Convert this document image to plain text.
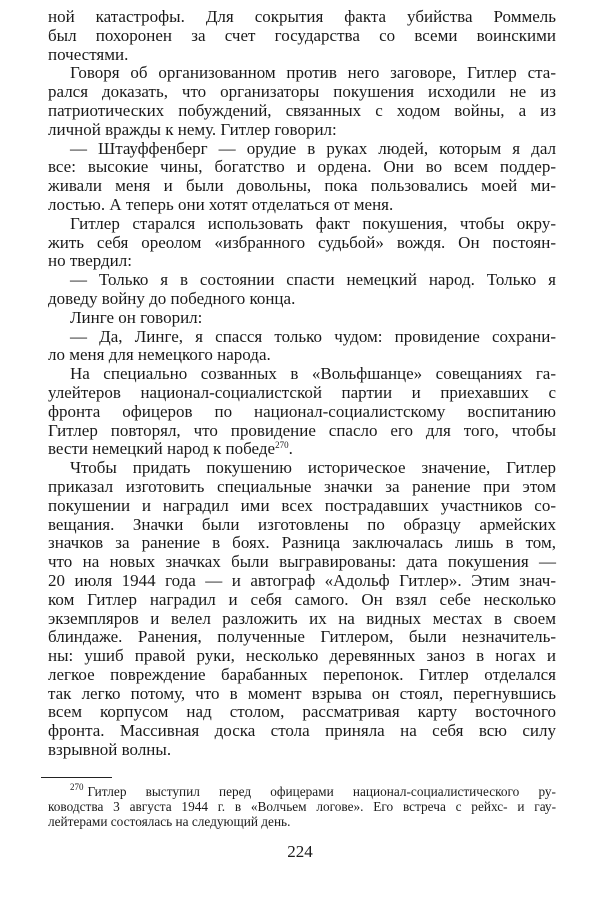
ной катастрофы. Для сокрытия факта убийства Роммель
был похоронен за счет государства со всеми воинскими
почестями.
Говоря об организованном против него заговоре, Гитлер ста-
рался доказать, что организаторы покушения исходили не из
патриотических побуждений, связанных с ходом войны, а из
личной вражды к нему. Гитлер говорил:
— Штауффенберг — орудие в руках людей, которым я дал
все: высокие чины, богатство и ордена. Они во всем поддер-
живали меня и были довольны, пока пользовались моей ми-
лостью. А теперь они хотят отделаться от меня.
Гитлер старался использовать факт покушения, чтобы окру-
жить себя ореолом «избранного судьбой» вождя. Он постоян-
но твердил:
— Только я в состоянии спасти немецкий народ. Только я
доведу войну до победного конца.
Линге он говорил:
— Да, Линге, я спасся только чудом: провидение сохрани-
ло меня для немецкого народа.
На специально созванных в «Вольфшанце» совещаниях га-
улейтеров национал-социалистской партии и приехавших с
фронта офицеров по национал-социалистскому воспитанию
Гитлер повторял, что провидение спасло его для того, чтобы
вести немецкий народ к победе$^{270}$.
Чтобы придать покушению историческое значение, Гитлер
приказал изготовить специальные значки за ранение при этом
покушении и наградил ими всех пострадавших участников со-
вещания. Значки были изготовлены по образцу армейских
значков за ранение в боях. Разница заключалась лишь в том,
что на новых значках были выгравированы: дата покушения —
20 июля 1944 года — и автограф «Адольф Гитлер». Этим знач-
ком Гитлер наградил и себя самого. Он взял себе несколько
экземпляров и велел разложить их на видных местах в своем
блиндаже. Ранения, полученные Гитлером, были незначитель-
ны: ушиб правой руки, несколько деревянных заноз в ногах и
легкое повреждение барабанных перепонок. Гитлер отделался
так легко потому, что в момент взрыва он стоял, перегнувшись
всем корпусом над столом, рассматривая карту восточного
фронта. Массивная доска стола приняла на себя всю силу
взрывной волны.
$^{270}$ Гитлер выступил перед офицерами национал-социалистического ру-
ководства 3 августа 1944 г. в «Волчьем логове». Его встреча с рейхс- и гау-
лейтерами состоялась на следующий день.
224
